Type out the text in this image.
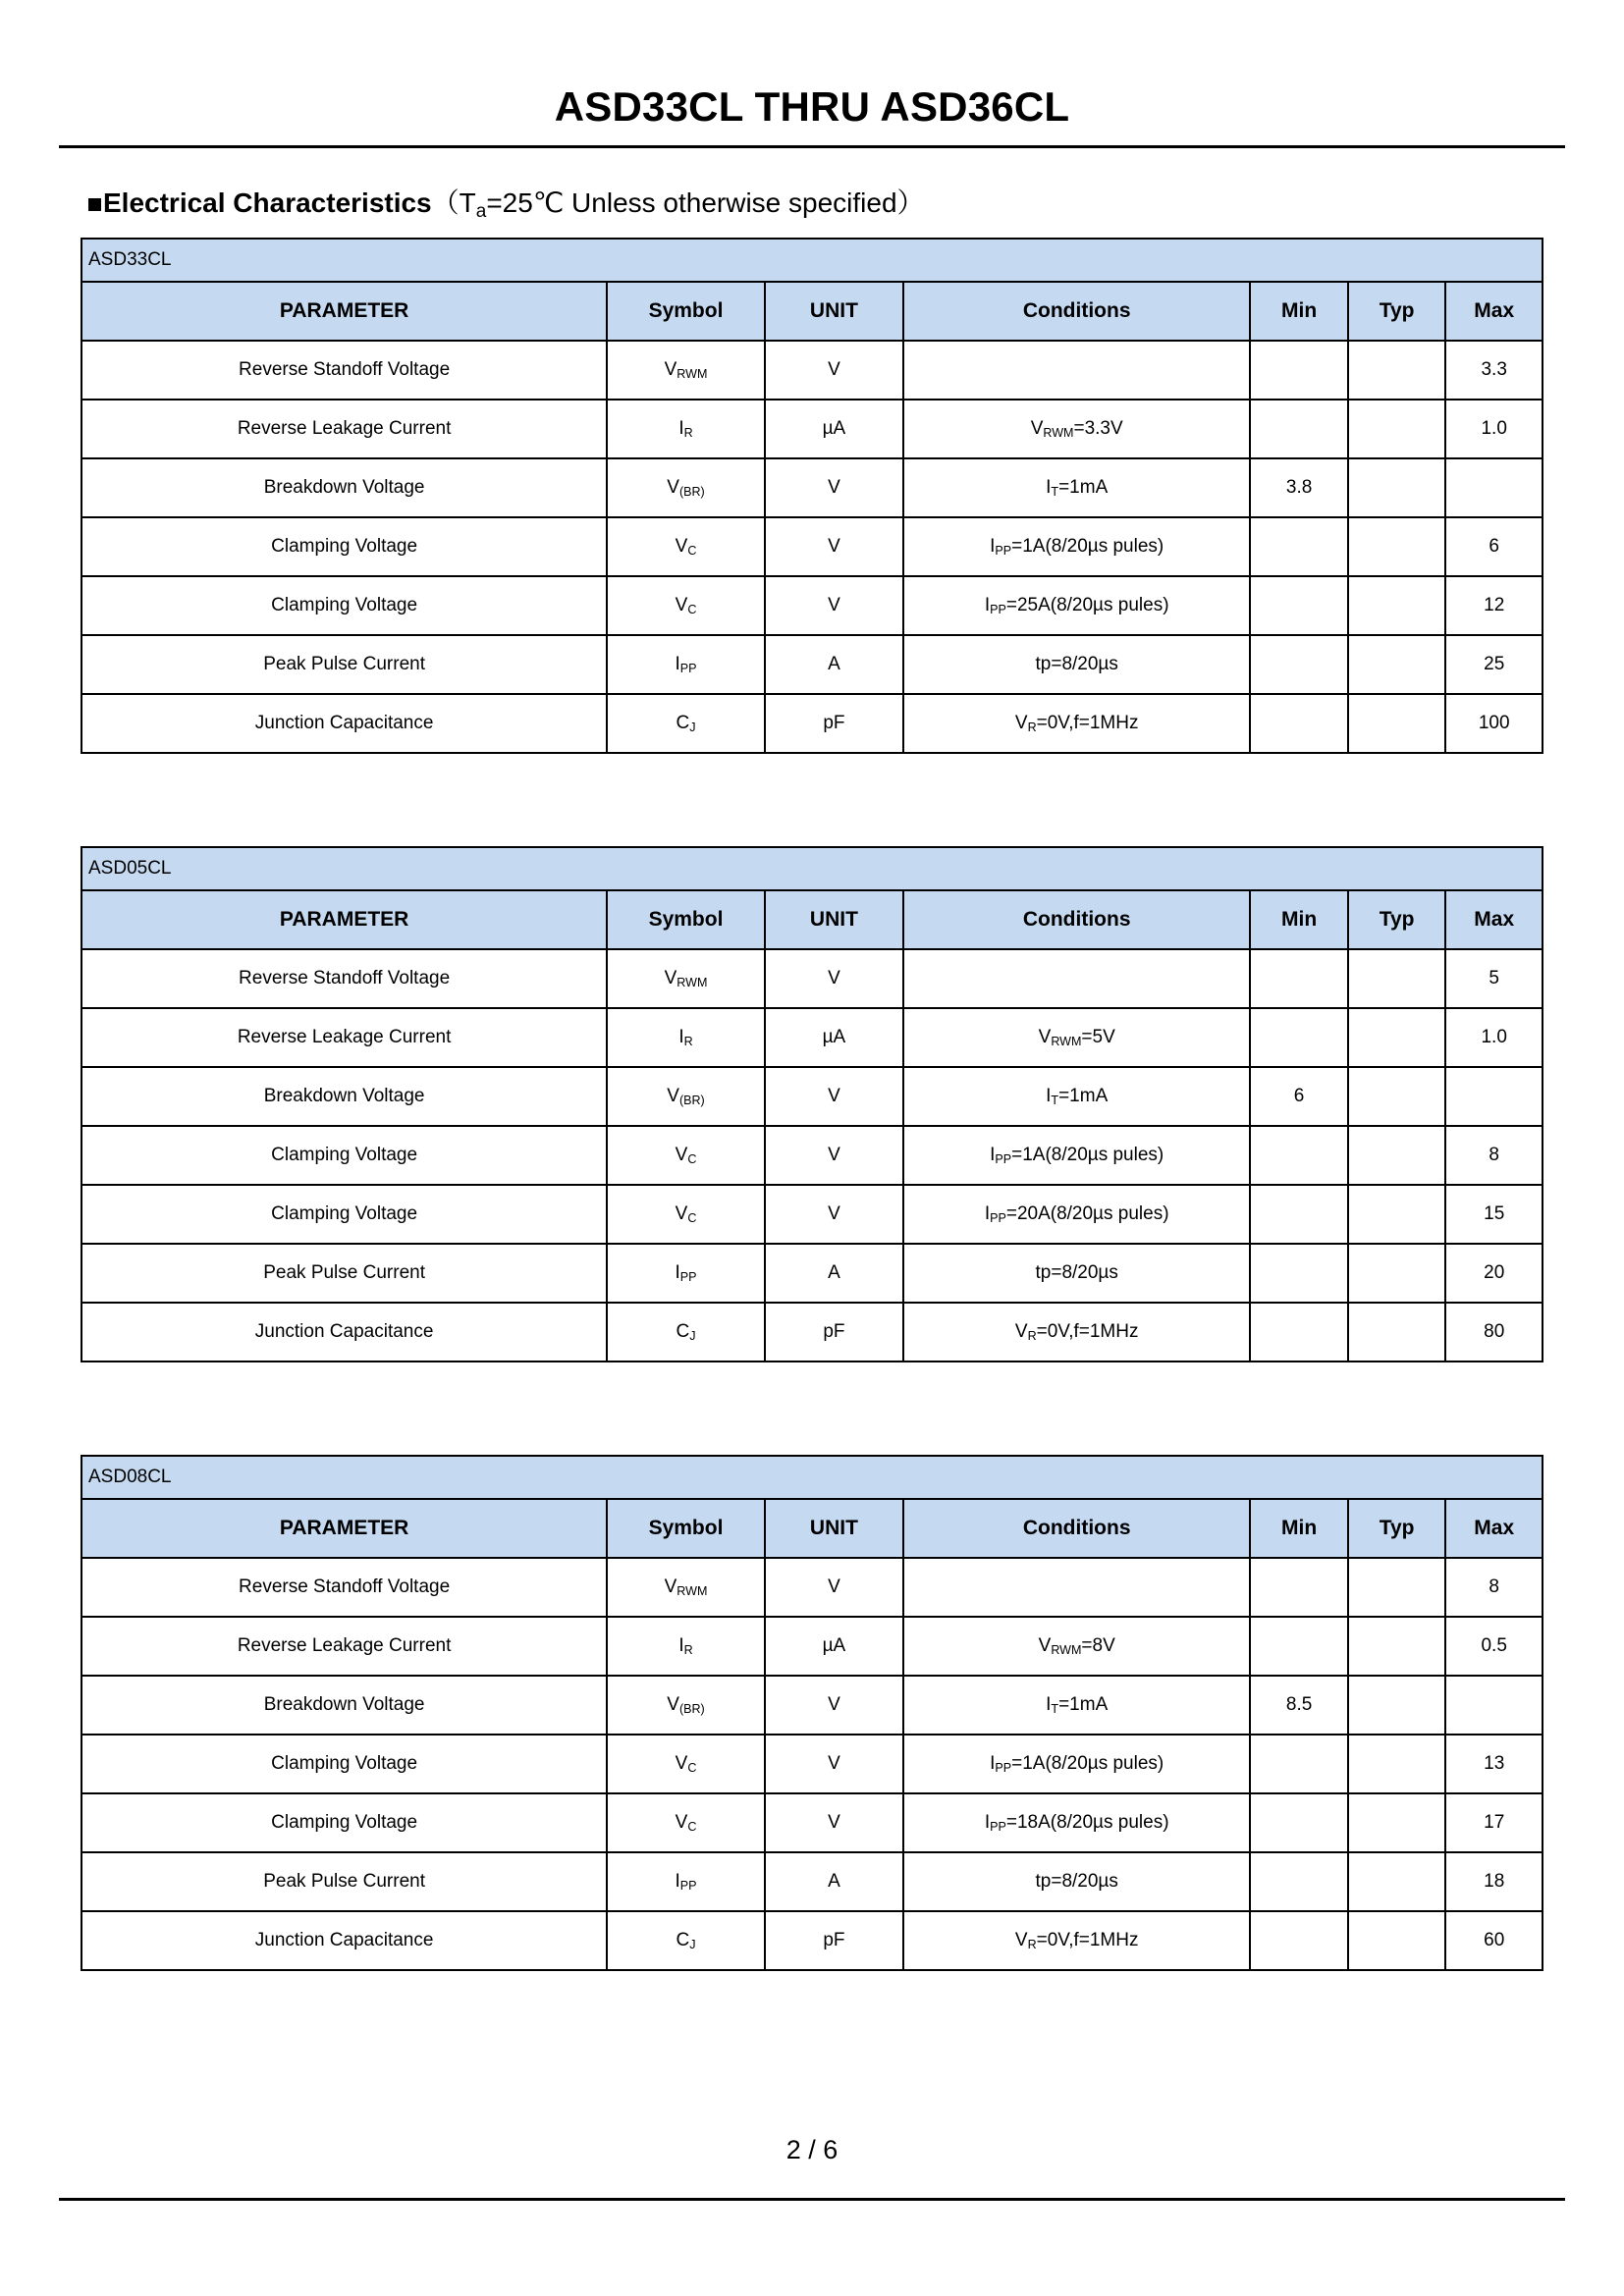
ASD33CL THRU ASD36CL
Electrical Characteristics（Ta=25℃ Unless otherwise specified）
ASD33CL						
PARAMETER	Symbol	UNIT	Conditions	Min	Typ	Max
Reverse Standoff Voltage	$V_{RWM}$	V				3.3
Reverse Leakage Current	$I_R$	µA	$V_{RWM}=3.3V$			1.0
Breakdown Voltage	$V_{(BR)}$	V	$I_T=1mA$	3.8		
Clamping Voltage	$V_C$	V	$I_{PP}=1A(8/20\mu s$ pules)			6
Clamping Voltage	$V_C$	V	$I_{PP}=25A(8/20\mu s$ pules)			12
Peak Pulse Current	$I_{PP}$	A	tp=8/20µs			25
Junction Capacitance	$C_J$	pF	$V_R=0V,f=1MHz$			100
ASD05CL						
PARAMETER	Symbol	UNIT	Conditions	Min	Typ	Max
Reverse Standoff Voltage	$V_{RWM}$	V				5
Reverse Leakage Current	$I_R$	µA	$V_{RWM}=5V$			1.0
Breakdown Voltage	$V_{(BR)}$	V	$I_T=1mA$	6		
Clamping Voltage	$V_C$	V	$I_{PP}=1A(8/20\mu s$ pules)			8
Clamping Voltage	$V_C$	V	$I_{PP}=20A(8/20\mu s$ pules)			15
Peak Pulse Current	$I_{PP}$	A	tp=8/20µs			20
Junction Capacitance	$C_J$	pF	$V_R=0V,f=1MHz$			80
ASD08CL						
PARAMETER	Symbol	UNIT	Conditions	Min	Typ	Max
Reverse Standoff Voltage	$V_{RWM}$	V				8
Reverse Leakage Current	$I_R$	µA	$V_{RWM}=8V$			0.5
Breakdown Voltage	$V_{(BR)}$	V	$I_T=1mA$	8.5		
Clamping Voltage	$V_C$	V	$I_{PP}=1A(8/20\mu s$ pules)			13
Clamping Voltage	$V_C$	V	$I_{PP}=18A(8/20\mu s$ pules)			17
Peak Pulse Current	$I_{PP}$	A	tp=8/20µs			18
Junction Capacitance	$C_J$	pF	$V_R=0V,f=1MHz$			60
2 / 6
